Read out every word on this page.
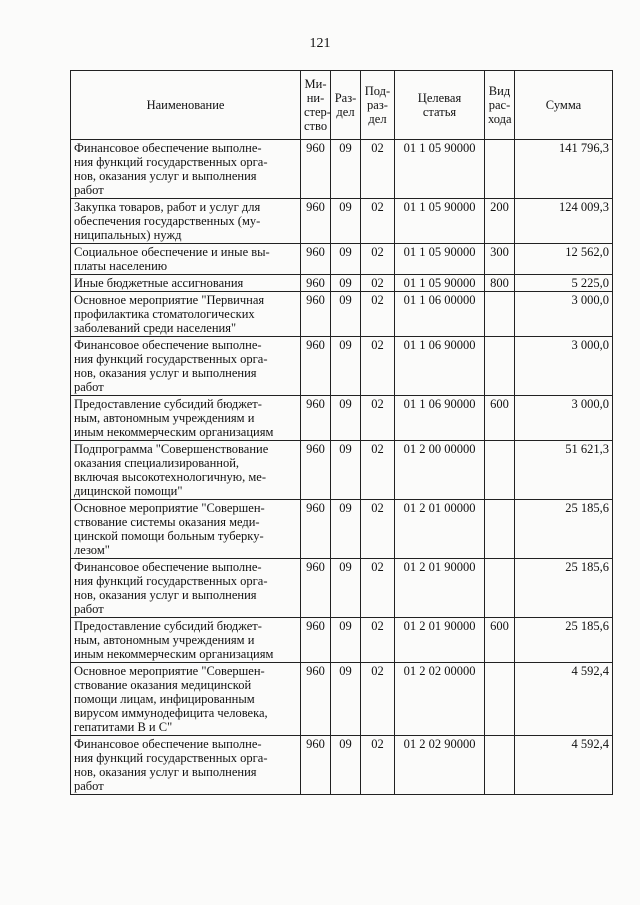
121
Наименование	Ми-
ни-
стер-
ство	Раз-
дел	Под-
раз-
дел	Целевая
статья	Вид
рас-
хода	Сумма
Финансовое обеспечение выполне-
ния функций государственных орга-
нов, оказания услуг и выполнения
работ	960	09	02	01 1 05 90000		141 796,3
Закупка товаров, работ и услуг для
обеспечения государственных (му-
ниципальных) нужд	960	09	02	01 1 05 90000	200	124 009,3
Социальное обеспечение и иные вы-
платы населению	960	09	02	01 1 05 90000	300	12 562,0
Иные бюджетные ассигнования	960	09	02	01 1 05 90000	800	5 225,0
Основное мероприятие "Первичная
профилактика стоматологических
заболеваний среди населения"	960	09	02	01 1 06 00000		3 000,0
Финансовое обеспечение выполне-
ния функций государственных орга-
нов, оказания услуг и выполнения
работ	960	09	02	01 1 06 90000		3 000,0
Предоставление субсидий бюджет-
ным, автономным учреждениям и
иным некоммерческим организациям	960	09	02	01 1 06 90000	600	3 000,0
Подпрограмма "Совершенствование
оказания специализированной,
включая высокотехнологичную, ме-
дицинской помощи"	960	09	02	01 2 00 00000		51 621,3
Основное мероприятие "Совершен-
ствование системы оказания меди-
цинской помощи больным туберку-
лезом"	960	09	02	01 2 01 00000		25 185,6
Финансовое обеспечение выполне-
ния функций государственных орга-
нов, оказания услуг и выполнения
работ	960	09	02	01 2 01 90000		25 185,6
Предоставление субсидий бюджет-
ным, автономным учреждениям и
иным некоммерческим организациям	960	09	02	01 2 01 90000	600	25 185,6
Основное мероприятие "Совершен-
ствование оказания медицинской
помощи лицам, инфицированным
вирусом иммунодефицита человека,
гепатитами В и С"	960	09	02	01 2 02 00000		4 592,4
Финансовое обеспечение выполне-
ния функций государственных орга-
нов, оказания услуг и выполнения
работ	960	09	02	01 2 02 90000		4 592,4
